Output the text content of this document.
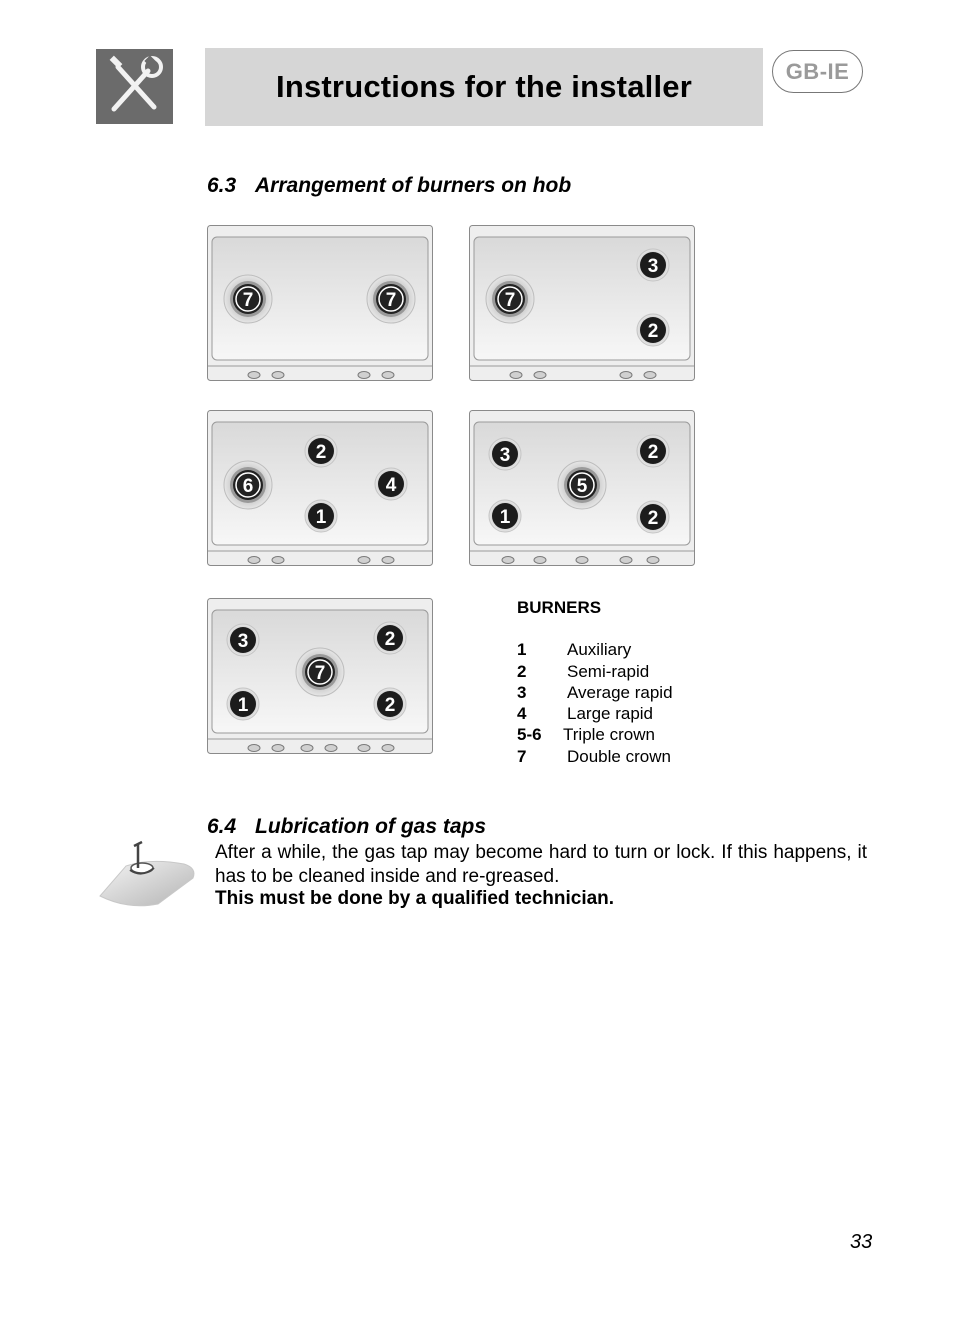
Instructions for the installer	GB-IE
6.3 Arrangement of burners on hob
7	7	7
3
2
6
2
4
1
3	2
5
1	2
3	2
7
1	2
BURNERS
1	Auxiliary
2	Semi-rapid
3	Average rapid
4	Large rapid
5-6	Triple crown
7	Double crown
6.4 Lubrication of gas taps
After a while, the gas tap may become hard to turn or lock. If this happens, it has to be cleaned inside and re-greased.
This must be done by a qualified technician.
33
